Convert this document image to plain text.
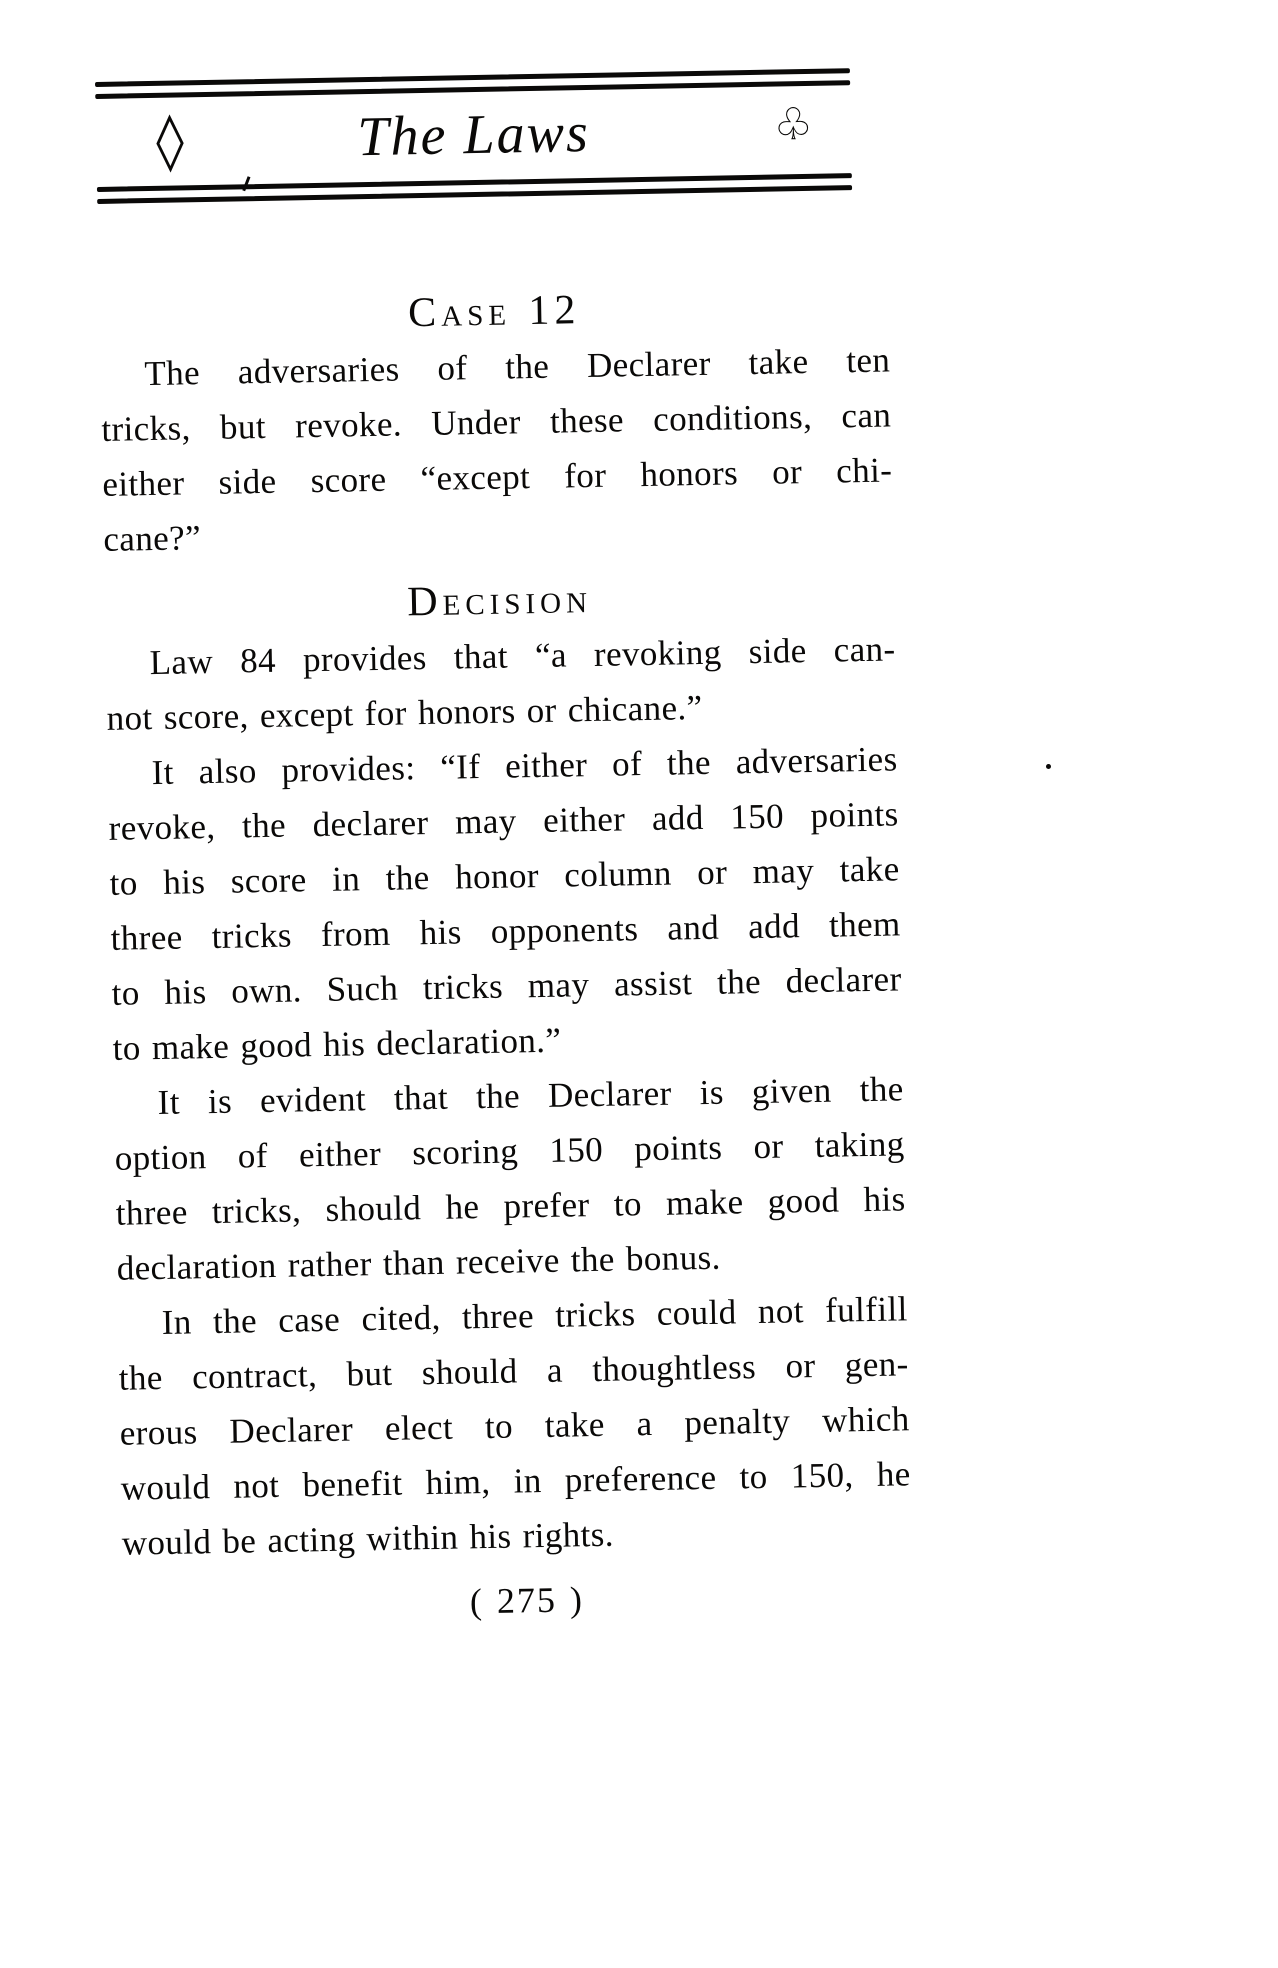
◊	The Laws	♧
Case 12
The adversaries of the Declarer take ten
tricks, but revoke. Under these conditions, can
either side score “except for honors or chi-
cane?”
Decision
Law 84 provides that “a revoking side can-
not score, except for honors or chicane.”
It also provides: “If either of the adversaries
revoke, the declarer may either add 150 points
to his score in the honor column or may take
three tricks from his opponents and add them
to his own. Such tricks may assist the declarer
to make good his declaration.”
It is evident that the Declarer is given the
option of either scoring 150 points or taking
three tricks, should he prefer to make good his
declaration rather than receive the bonus.
In the case cited, three tricks could not fulfill
the contract, but should a thoughtless or gen-
erous Declarer elect to take a penalty which
would not benefit him, in preference to 150, he
would be acting within his rights.
( 275 )
